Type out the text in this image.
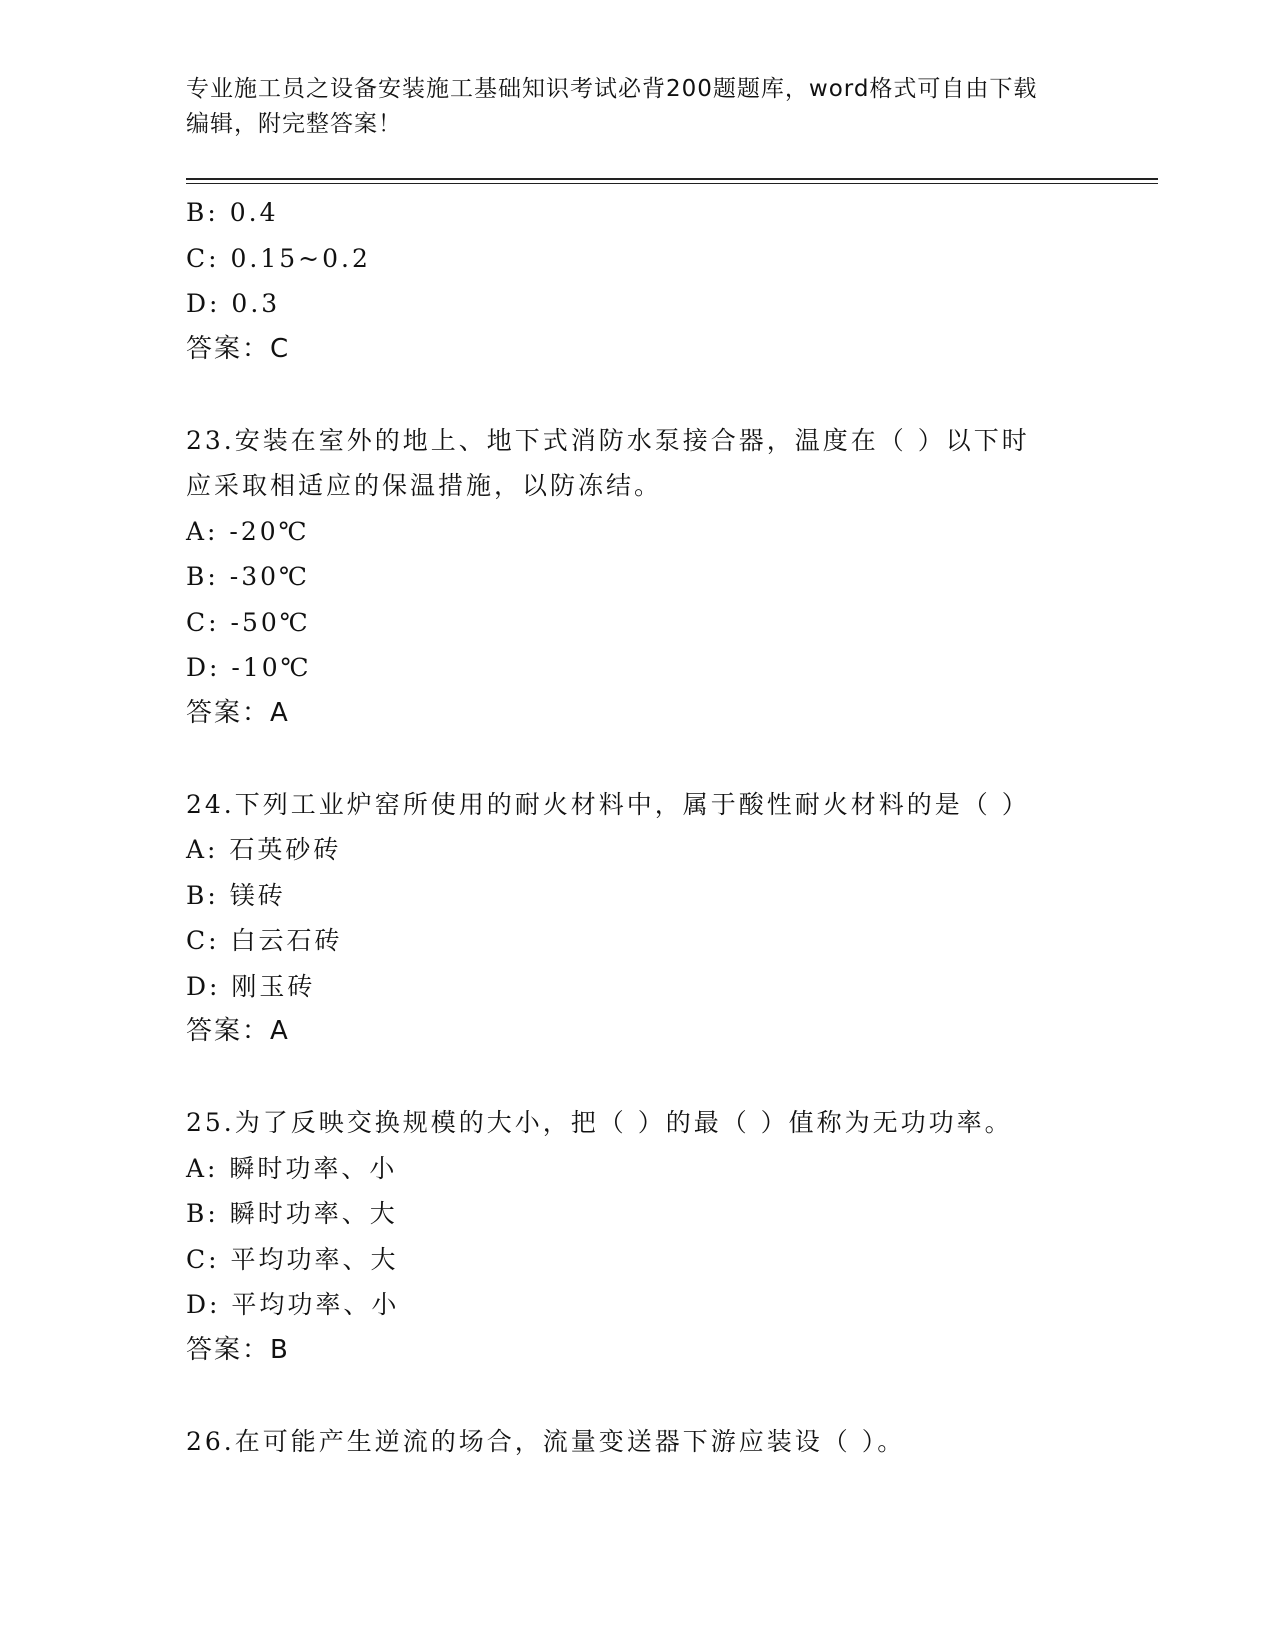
专业施工员之设备安装施工基础知识考试必背200题题库，word格式可自由下载
编辑，附完整答案！
B: 0.4
C: 0.15~0.2
D: 0.3
答案：C
23.安装在室外的地上、地下式消防水泵接合器，温度在（ ）以下时
应采取相适应的保温措施，以防冻结。
A: -20℃
B: -30℃
C: -50℃
D: -10℃
答案：A
24.下列工业炉窑所使用的耐火材料中，属于酸性耐火材料的是（ ）
A: 石英砂砖
B: 镁砖
C: 白云石砖
D: 刚玉砖
答案：A
25.为了反映交换规模的大小，把（ ）的最（ ）值称为无功功率。
A: 瞬时功率、小
B: 瞬时功率、大
C: 平均功率、大
D: 平均功率、小
答案：B
26.在可能产生逆流的场合，流量变送器下游应装设（ ）。
